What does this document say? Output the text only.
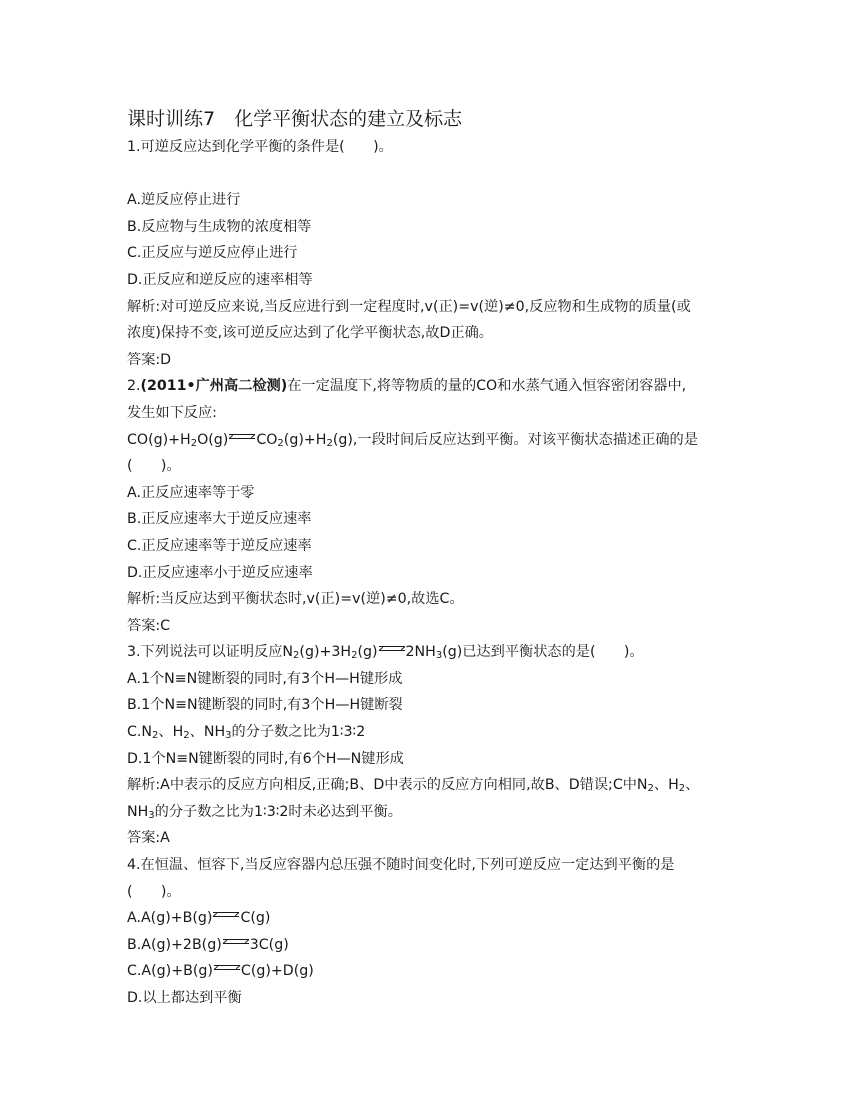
课时训练7　化学平衡状态的建立及标志
1.可逆反应达到化学平衡的条件是(　　)。
A.逆反应停止进行
B.反应物与生成物的浓度相等
C.正反应与逆反应停止进行
D.正反应和逆反应的速率相等
解析:对可逆反应来说,当反应进行到一定程度时,v(正)=v(逆)≠0,反应物和生成物的质量(或
浓度)保持不变,该可逆反应达到了化学平衡状态,故D正确。
答案:D
2.(2011•广州高二检测)在一定温度下,将等物质的量的CO和水蒸气通入恒容密闭容器中,
发生如下反应:
$CO(g)+H_2O(g)$ $CO_2(g)+H_2(g)$,一段时间后反应达到平衡。对该平衡状态描述正确的是
(　　)。
A.正反应速率等于零
B.正反应速率大于逆反应速率
C.正反应速率等于逆反应速率
D.正反应速率小于逆反应速率
解析:当反应达到平衡状态时,v(正)=v(逆)≠0,故选C。
答案:C
3.下列说法可以证明反应$N_2(g)+3H_2(g)$ $2NH_3(g)$已达到平衡状态的是(　　)。
A.1个N≡N键断裂的同时,有3个H—H键形成
B.1个N≡N键断裂的同时,有3个H—H键断裂
$C.N_2$、$H_2$、$NH_3$的分子数之比为1∶3∶2
D.1个N≡N键断裂的同时,有6个H—N键形成
解析:A中表示的反应方向相反,正确;B、D中表示的反应方向相同,故B、D错误;C中$N_2$、$H_2$、
$NH_3$的分子数之比为1∶3∶2时未必达到平衡。
答案:A
4.在恒温、恒容下,当反应容器内总压强不随时间变化时,下列可逆反应一定达到平衡的是
(　　)。
A.A(g)+B(g) C(g)
B.A(g)+2B(g) 3C(g)
C.A(g)+B(g) C(g)+D(g)
D.以上都达到平衡
